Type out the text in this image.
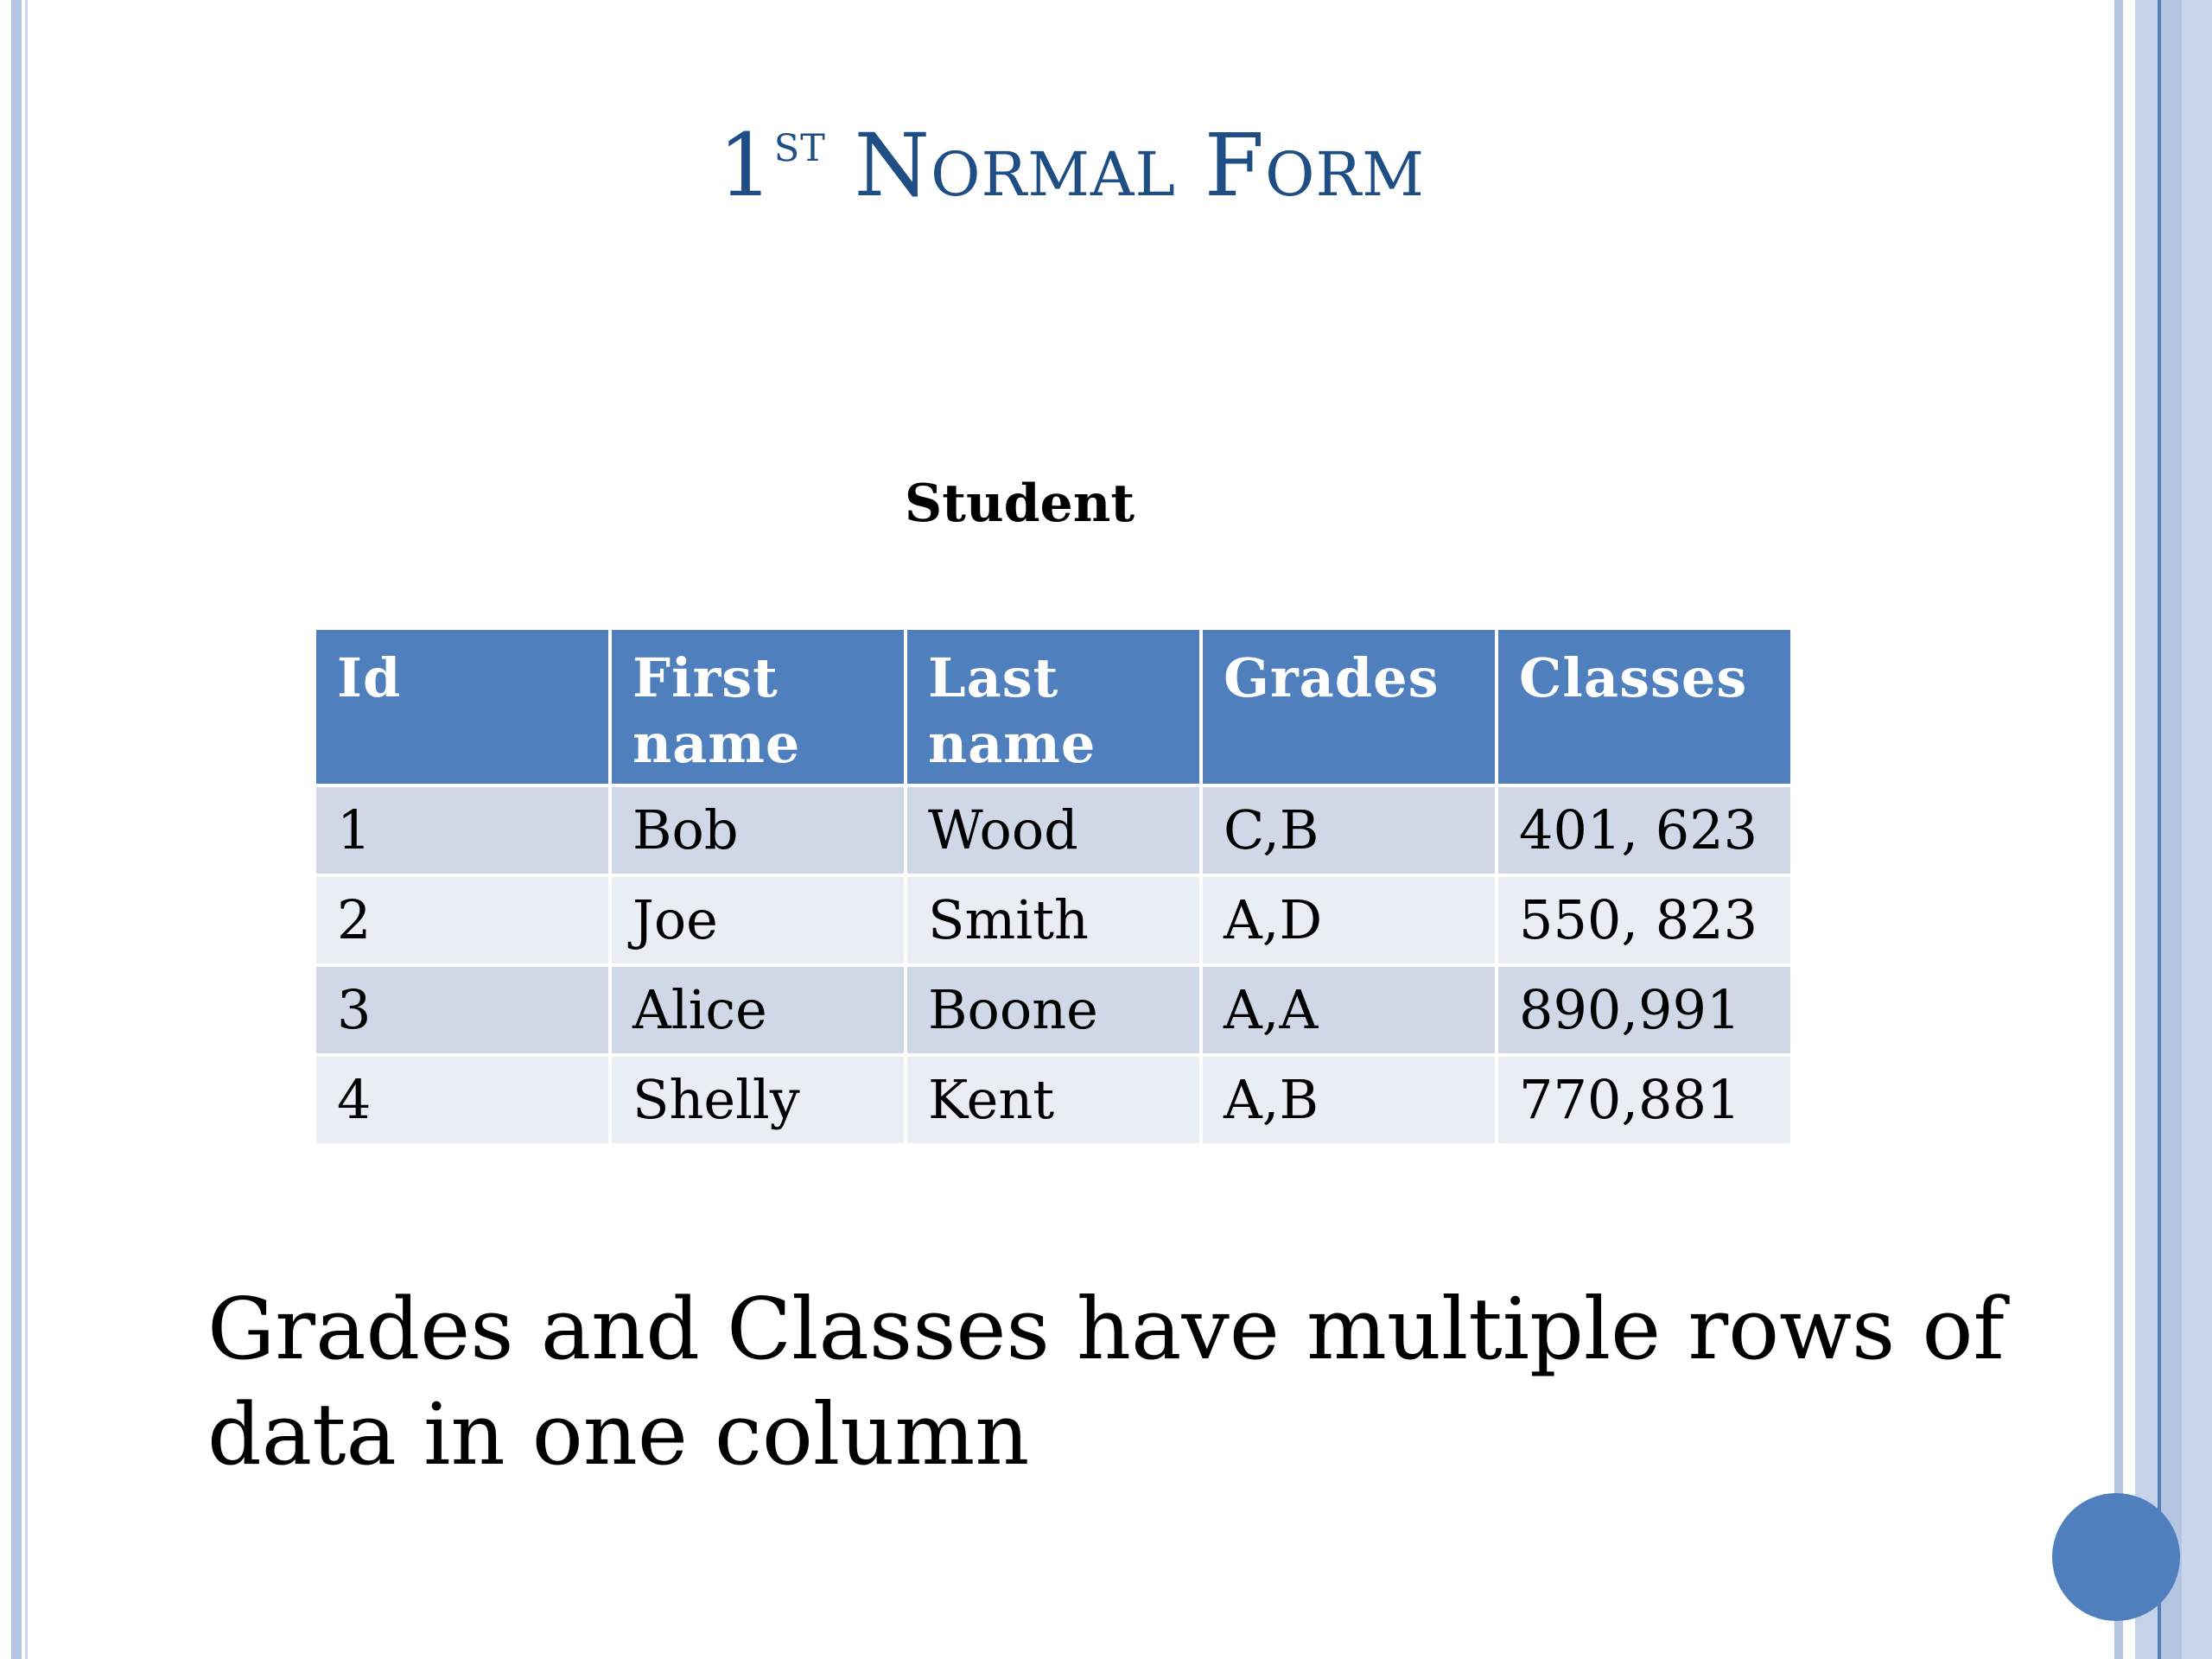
1st Normal Form
Student
Id	First name	Last name	Grades	Classes
1	Bob	Wood	C,B	401, 623
2	Joe	Smith	A,D	550, 823
3	Alice	Boone	A,A	890,991
4	Shelly	Kent	A,B	770,881
Grades and Classes have multiple rows of data in one column
